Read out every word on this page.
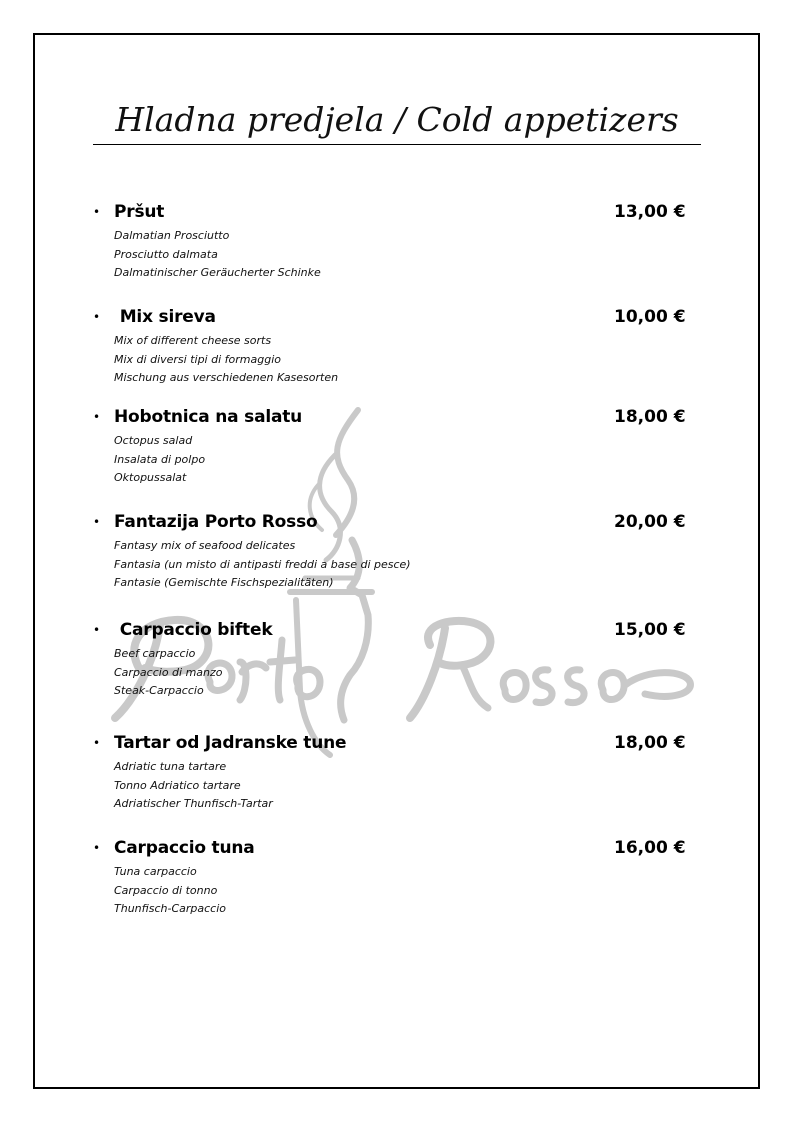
Hladna predjela / Cold appetizers
• Pršut	13,00 €
Dalmatian Prosciutto
Prosciutto dalmata
Dalmatinischer Geräucherter Schinke
• Mix sireva	10,00 €
Mix of different cheese sorts
Mix di diversi tipi di formaggio
Mischung aus verschiedenen Kasesorten
• Hobotnica na salatu	18,00 €
Octopus salad
Insalata di polpo
Oktopussalat
• Fantazija Porto Rosso	20,00 €
Fantasy mix of seafood delicates
Fantasia (un misto di antipasti freddi a base di pesce)
Fantasie (Gemischte Fischspezialitäten)
• Carpaccio biftek	15,00 €
Beef carpaccio
Carpaccio di manzo
Steak-Carpaccio
• Tartar od Jadranske tune	18,00 €
Adriatic tuna tartare
Tonno Adriatico tartare
Adriatischer Thunfisch-Tartar
• Carpaccio tuna	16,00 €
Tuna carpaccio
Carpaccio di tonno
Thunfisch-Carpaccio
